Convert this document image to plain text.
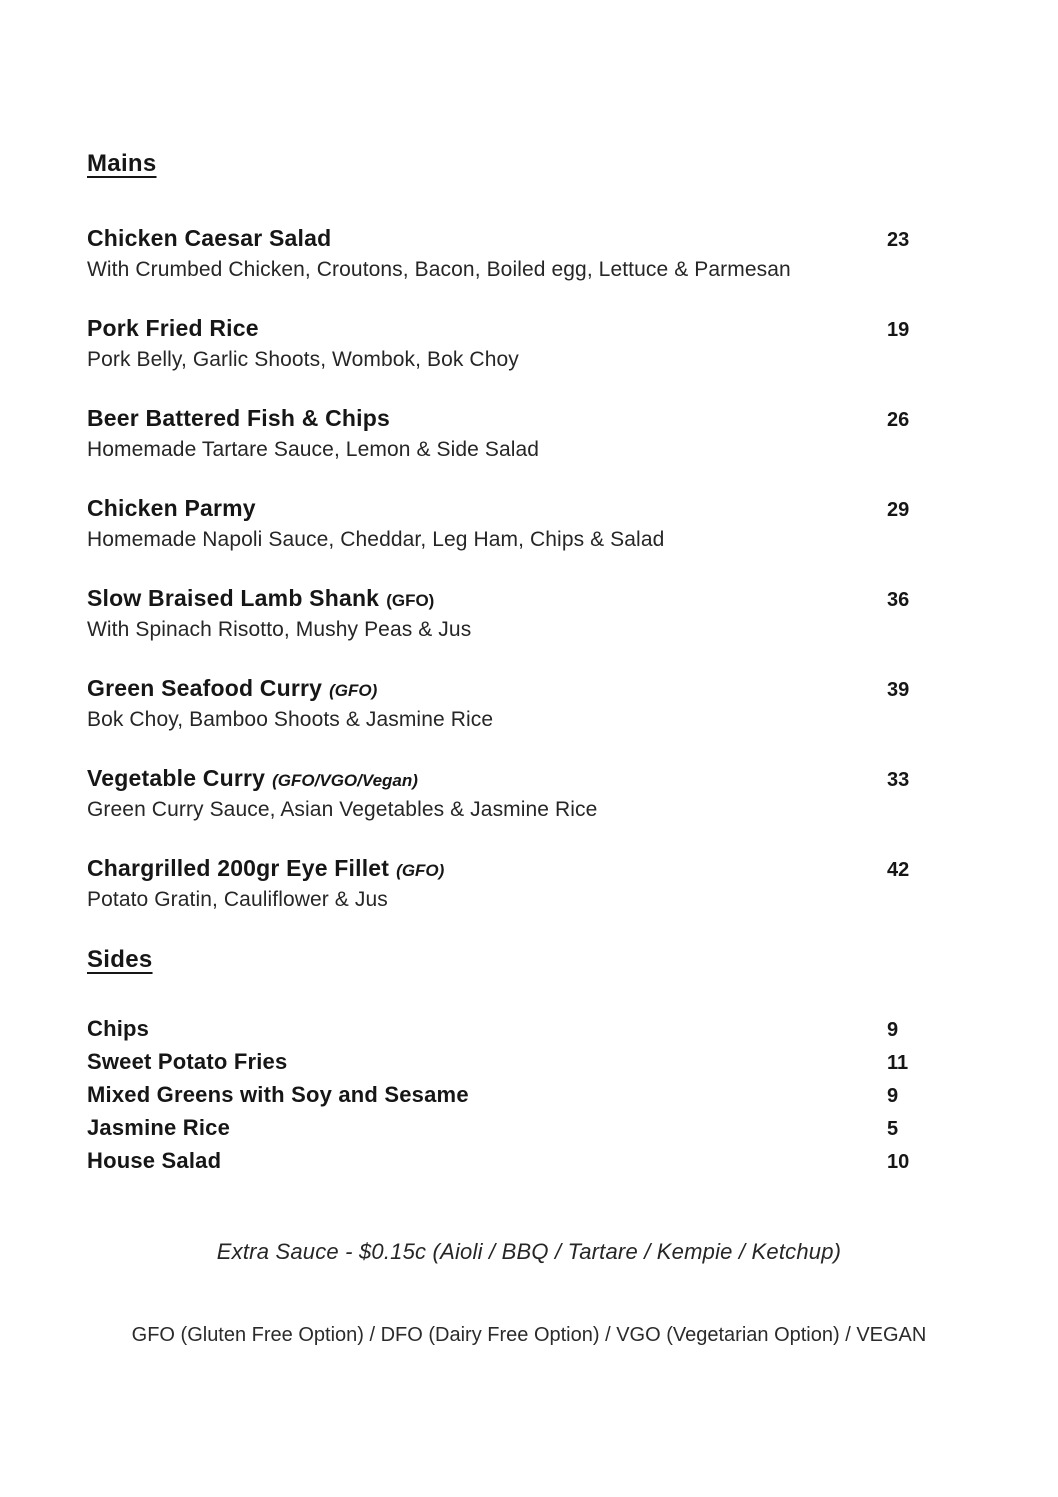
Mains
Chicken Caesar Salad	23
With Crumbed Chicken, Croutons, Bacon, Boiled egg, Lettuce & Parmesan
Pork Fried Rice	19
Pork Belly, Garlic Shoots, Wombok, Bok Choy
Beer Battered Fish & Chips	26
Homemade Tartare Sauce, Lemon & Side Salad
Chicken Parmy	29
Homemade Napoli Sauce, Cheddar, Leg Ham, Chips & Salad
Slow Braised Lamb Shank (GFO)	36
With Spinach Risotto, Mushy Peas & Jus
Green Seafood Curry (GFO)	39
Bok Choy, Bamboo Shoots & Jasmine Rice
Vegetable Curry (GFO/VGO/Vegan)	33
Green Curry Sauce, Asian Vegetables & Jasmine Rice
Chargrilled 200gr Eye Fillet (GFO)	42
Potato Gratin, Cauliflower & Jus
Sides
Chips	9
Sweet Potato Fries	11
Mixed Greens with Soy and Sesame	9
Jasmine Rice	5
House Salad	10

Extra Sauce - $0.15c (Aioli / BBQ / Tartare / Kempie / Ketchup)

GFO (Gluten Free Option) / DFO (Dairy Free Option) / VGO (Vegetarian Option) / VEGAN
